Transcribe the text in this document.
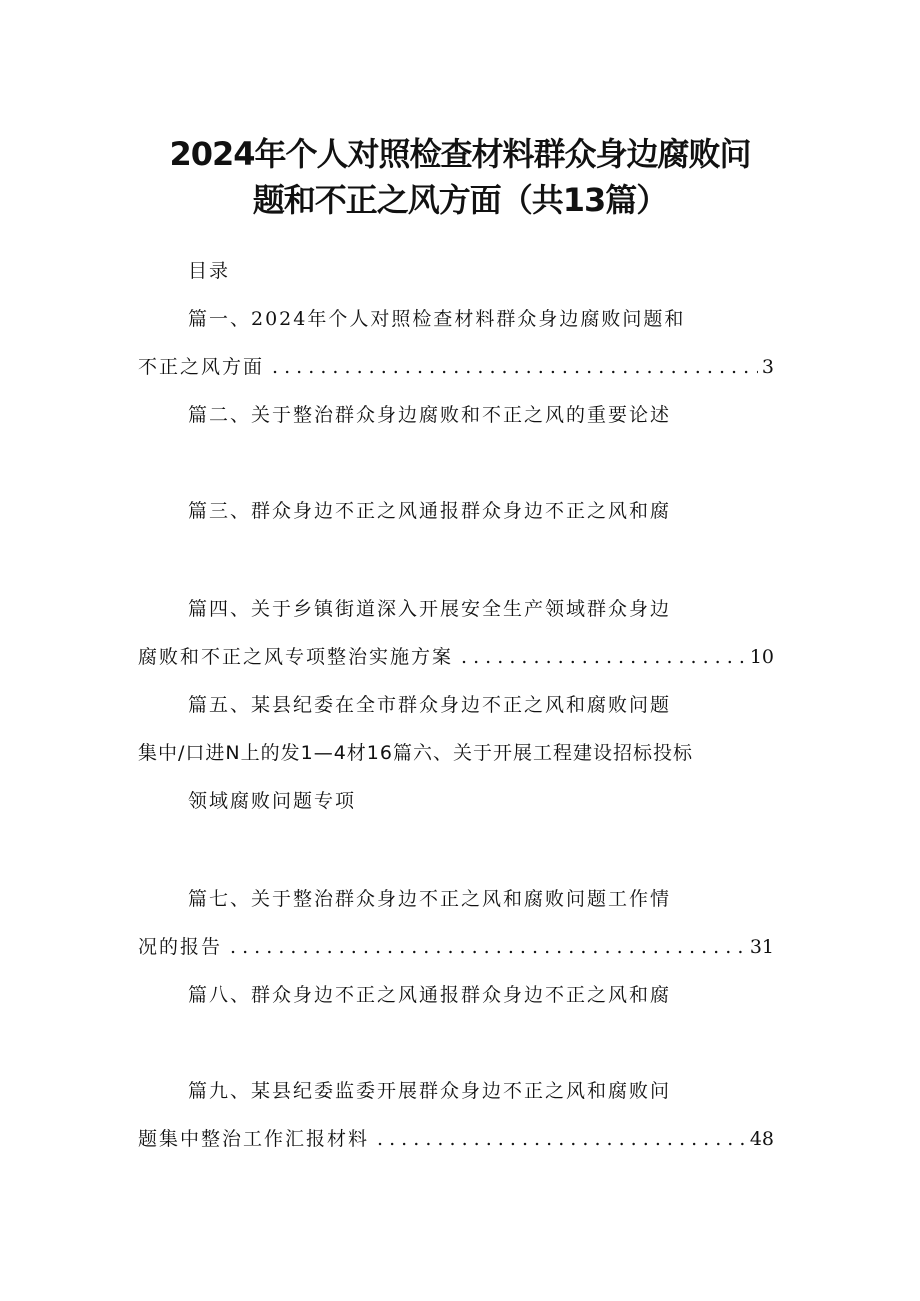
2024年个人对照检查材料群众身边腐败问
题和不正之风方面（共13篇）
目录
篇一、2024年个人对照检查材料群众身边腐败问题和
不正之风方面 . . .	3
篇二、关于整治群众身边腐败和不正之风的重要论述
篇三、群众身边不正之风通报群众身边不正之风和腐
篇四、关于乡镇街道深入开展安全生产领域群众身边
腐败和不正之风专项整治实施方案 . . .	10
篇五、某县纪委在全市群众身边不正之风和腐败问题
集中/口进N上的发1—4材16篇六、关于开展工程建设招标投标
领域腐败问题专项
篇七、关于整治群众身边不正之风和腐败问题工作情
况的报告 . . .	31
篇八、群众身边不正之风通报群众身边不正之风和腐
篇九、某县纪委监委开展群众身边不正之风和腐败问
题集中整治工作汇报材料 . . .	48
